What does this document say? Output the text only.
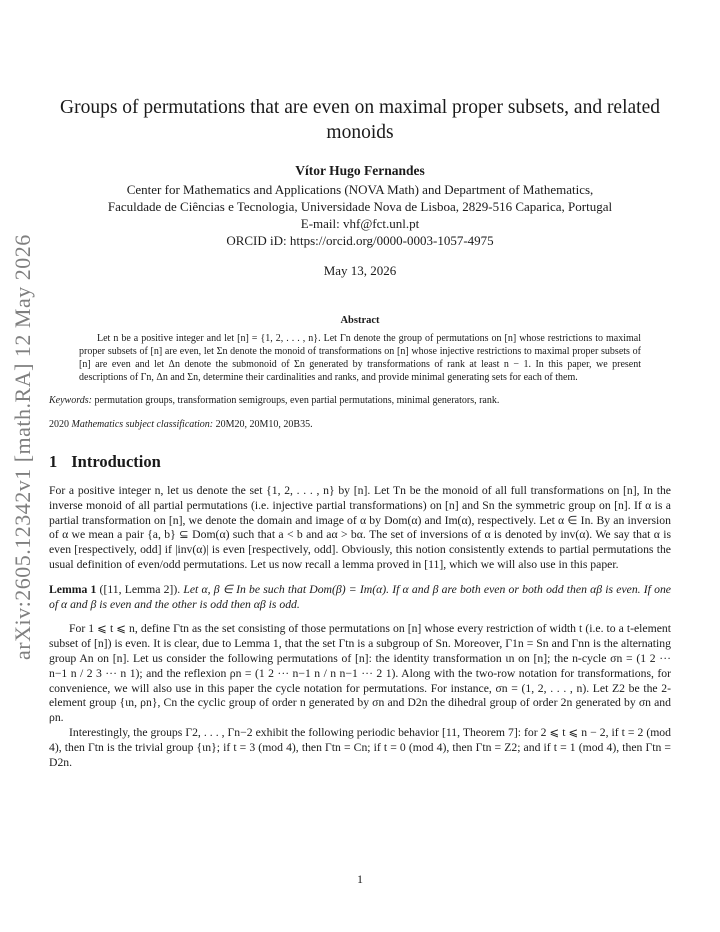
arXiv:2605.12342v1 [math.RA] 12 May 2026
Groups of permutations that are even on maximal proper subsets, and related monoids
Vítor Hugo Fernandes
Center for Mathematics and Applications (NOVA Math) and Department of Mathematics,
Faculdade de Ciências e Tecnologia, Universidade Nova de Lisboa, 2829-516 Caparica, Portugal
E-mail: vhf@fct.unl.pt
ORCID iD: https://orcid.org/0000-0003-1057-4975
May 13, 2026
Abstract
Let n be a positive integer and let [n] = {1, 2, . . . , n}. Let Γn denote the group of permutations on [n] whose restrictions to maximal proper subsets of [n] are even, let Σn denote the monoid of transformations on [n] whose injective restrictions to maximal proper subsets of [n] are even and let Δn denote the submonoid of Σn generated by transformations of rank at least n − 1. In this paper, we present descriptions of Γn, Δn and Σn, determine their cardinalities and ranks, and provide minimal generating sets for each of them.
Keywords: permutation groups, transformation semigroups, even partial permutations, minimal generators, rank.
2020 Mathematics subject classification: 20M20, 20M10, 20B35.
1 Introduction
For a positive integer n, let us denote the set {1, 2, . . . , n} by [n]. Let Tn be the monoid of all full transformations on [n], In the inverse monoid of all partial permutations (i.e. injective partial transformations) on [n] and Sn the symmetric group on [n]. If α is a partial transformation on [n], we denote the domain and image of α by Dom(α) and Im(α), respectively. Let α ∈ In. By an inversion of α we mean a pair {a, b} ⊆ Dom(α) such that a < b and aα > bα. The set of inversions of α is denoted by inv(α). We say that α is even [respectively, odd] if |inv(α)| is even [respectively, odd]. Obviously, this notion consistently extends to partial permutations the usual definition of even/odd permutations. Let us now recall a lemma proved in [11], which we will also use in this paper.
Lemma 1 ([11, Lemma 2]). Let α, β ∈ In be such that Dom(β) = Im(α). If α and β are both even or both odd then αβ is even. If one of α and β is even and the other is odd then αβ is odd.
For 1 ⩽ t ⩽ n, define Γtn as the set consisting of those permutations on [n] whose every restriction of width t (i.e. to a t-element subset of [n]) is even. It is clear, due to Lemma 1, that the set Γtn is a subgroup of Sn. Moreover, Γ1n = Sn and Γnn is the alternating group An on [n]. Let us consider the following permutations of [n]: the identity transformation ιn on [n]; the n-cycle σn = (1 2 ··· n−1 n / 2 3 ··· n 1); and the reflexion ρn = (1 2 ··· n−1 n / n n−1 ··· 2 1). Along with the two-row notation for transformations, for convenience, we will also use in this paper the cycle notation for permutations. For instance, σn = (1, 2, . . . , n). Let Z2 be the 2-element group {ιn, ρn}, Cn the cyclic group of order n generated by σn and D2n the dihedral group of order 2n generated by σn and ρn.
Interestingly, the groups Γ2, . . . , Γn−2 exhibit the following periodic behavior [11, Theorem 7]: for 2 ⩽ t ⩽ n − 2, if t = 2 (mod 4), then Γtn is the trivial group {ιn}; if t = 3 (mod 4), then Γtn = Cn; if t = 0 (mod 4), then Γtn = Z2; and if t = 1 (mod 4), then Γtn = D2n.
1
